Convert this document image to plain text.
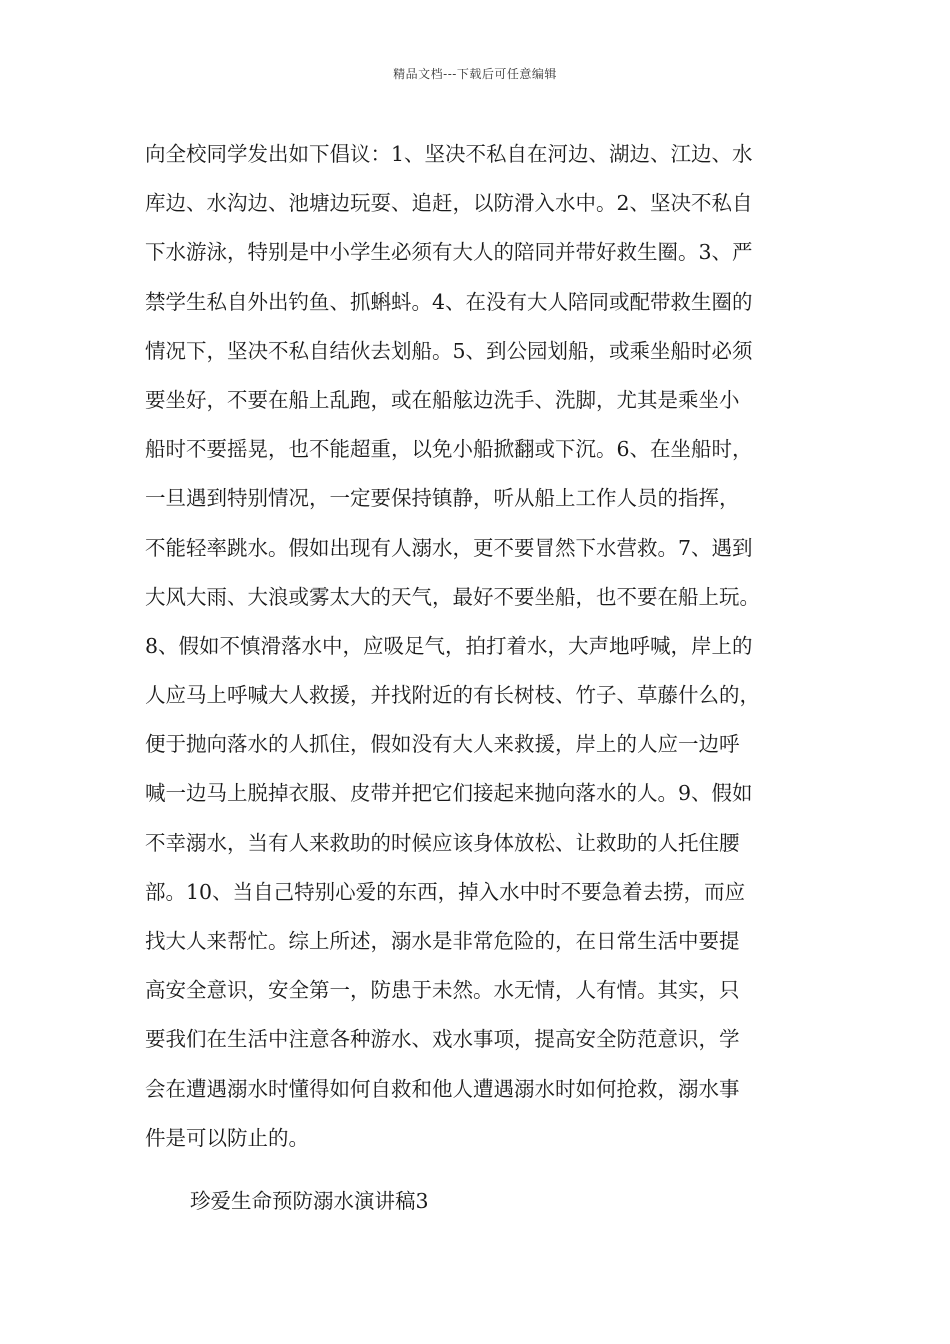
精品文档---下载后可任意编辑
向全校同学发出如下倡议：1、坚决不私自在河边、湖边、江边、水
库边、水沟边、池塘边玩耍、追赶，以防滑入水中。2、坚决不私自
下水游泳，特别是中小学生必须有大人的陪同并带好救生圈。3、严
禁学生私自外出钓鱼、抓蝌蚪。4、在没有大人陪同或配带救生圈的
情况下，坚决不私自结伙去划船。5、到公园划船，或乘坐船时必须
要坐好，不要在船上乱跑，或在船舷边洗手、洗脚，尤其是乘坐小
船时不要摇晃，也不能超重，以免小船掀翻或下沉。6、在坐船时，
一旦遇到特别情况，一定要保持镇静，听从船上工作人员的指挥，
不能轻率跳水。假如出现有人溺水，更不要冒然下水营救。7、遇到
大风大雨、大浪或雾太大的天气，最好不要坐船，也不要在船上玩。
8、假如不慎滑落水中，应吸足气，拍打着水，大声地呼喊，岸上的
人应马上呼喊大人救援，并找附近的有长树枝、竹子、草藤什么的，
便于抛向落水的人抓住，假如没有大人来救援，岸上的人应一边呼
喊一边马上脱掉衣服、皮带并把它们接起来抛向落水的人。9、假如
不幸溺水，当有人来救助的时候应该身体放松、让救助的人托住腰
部。10、当自己特别心爱的东西，掉入水中时不要急着去捞，而应
找大人来帮忙。综上所述，溺水是非常危险的，在日常生活中要提
高安全意识，安全第一，防患于未然。水无情，人有情。其实，只
要我们在生活中注意各种游水、戏水事项，提高安全防范意识，学
会在遭遇溺水时懂得如何自救和他人遭遇溺水时如何抢救，溺水事
件是可以防止的。
珍爱生命预防溺水演讲稿3
